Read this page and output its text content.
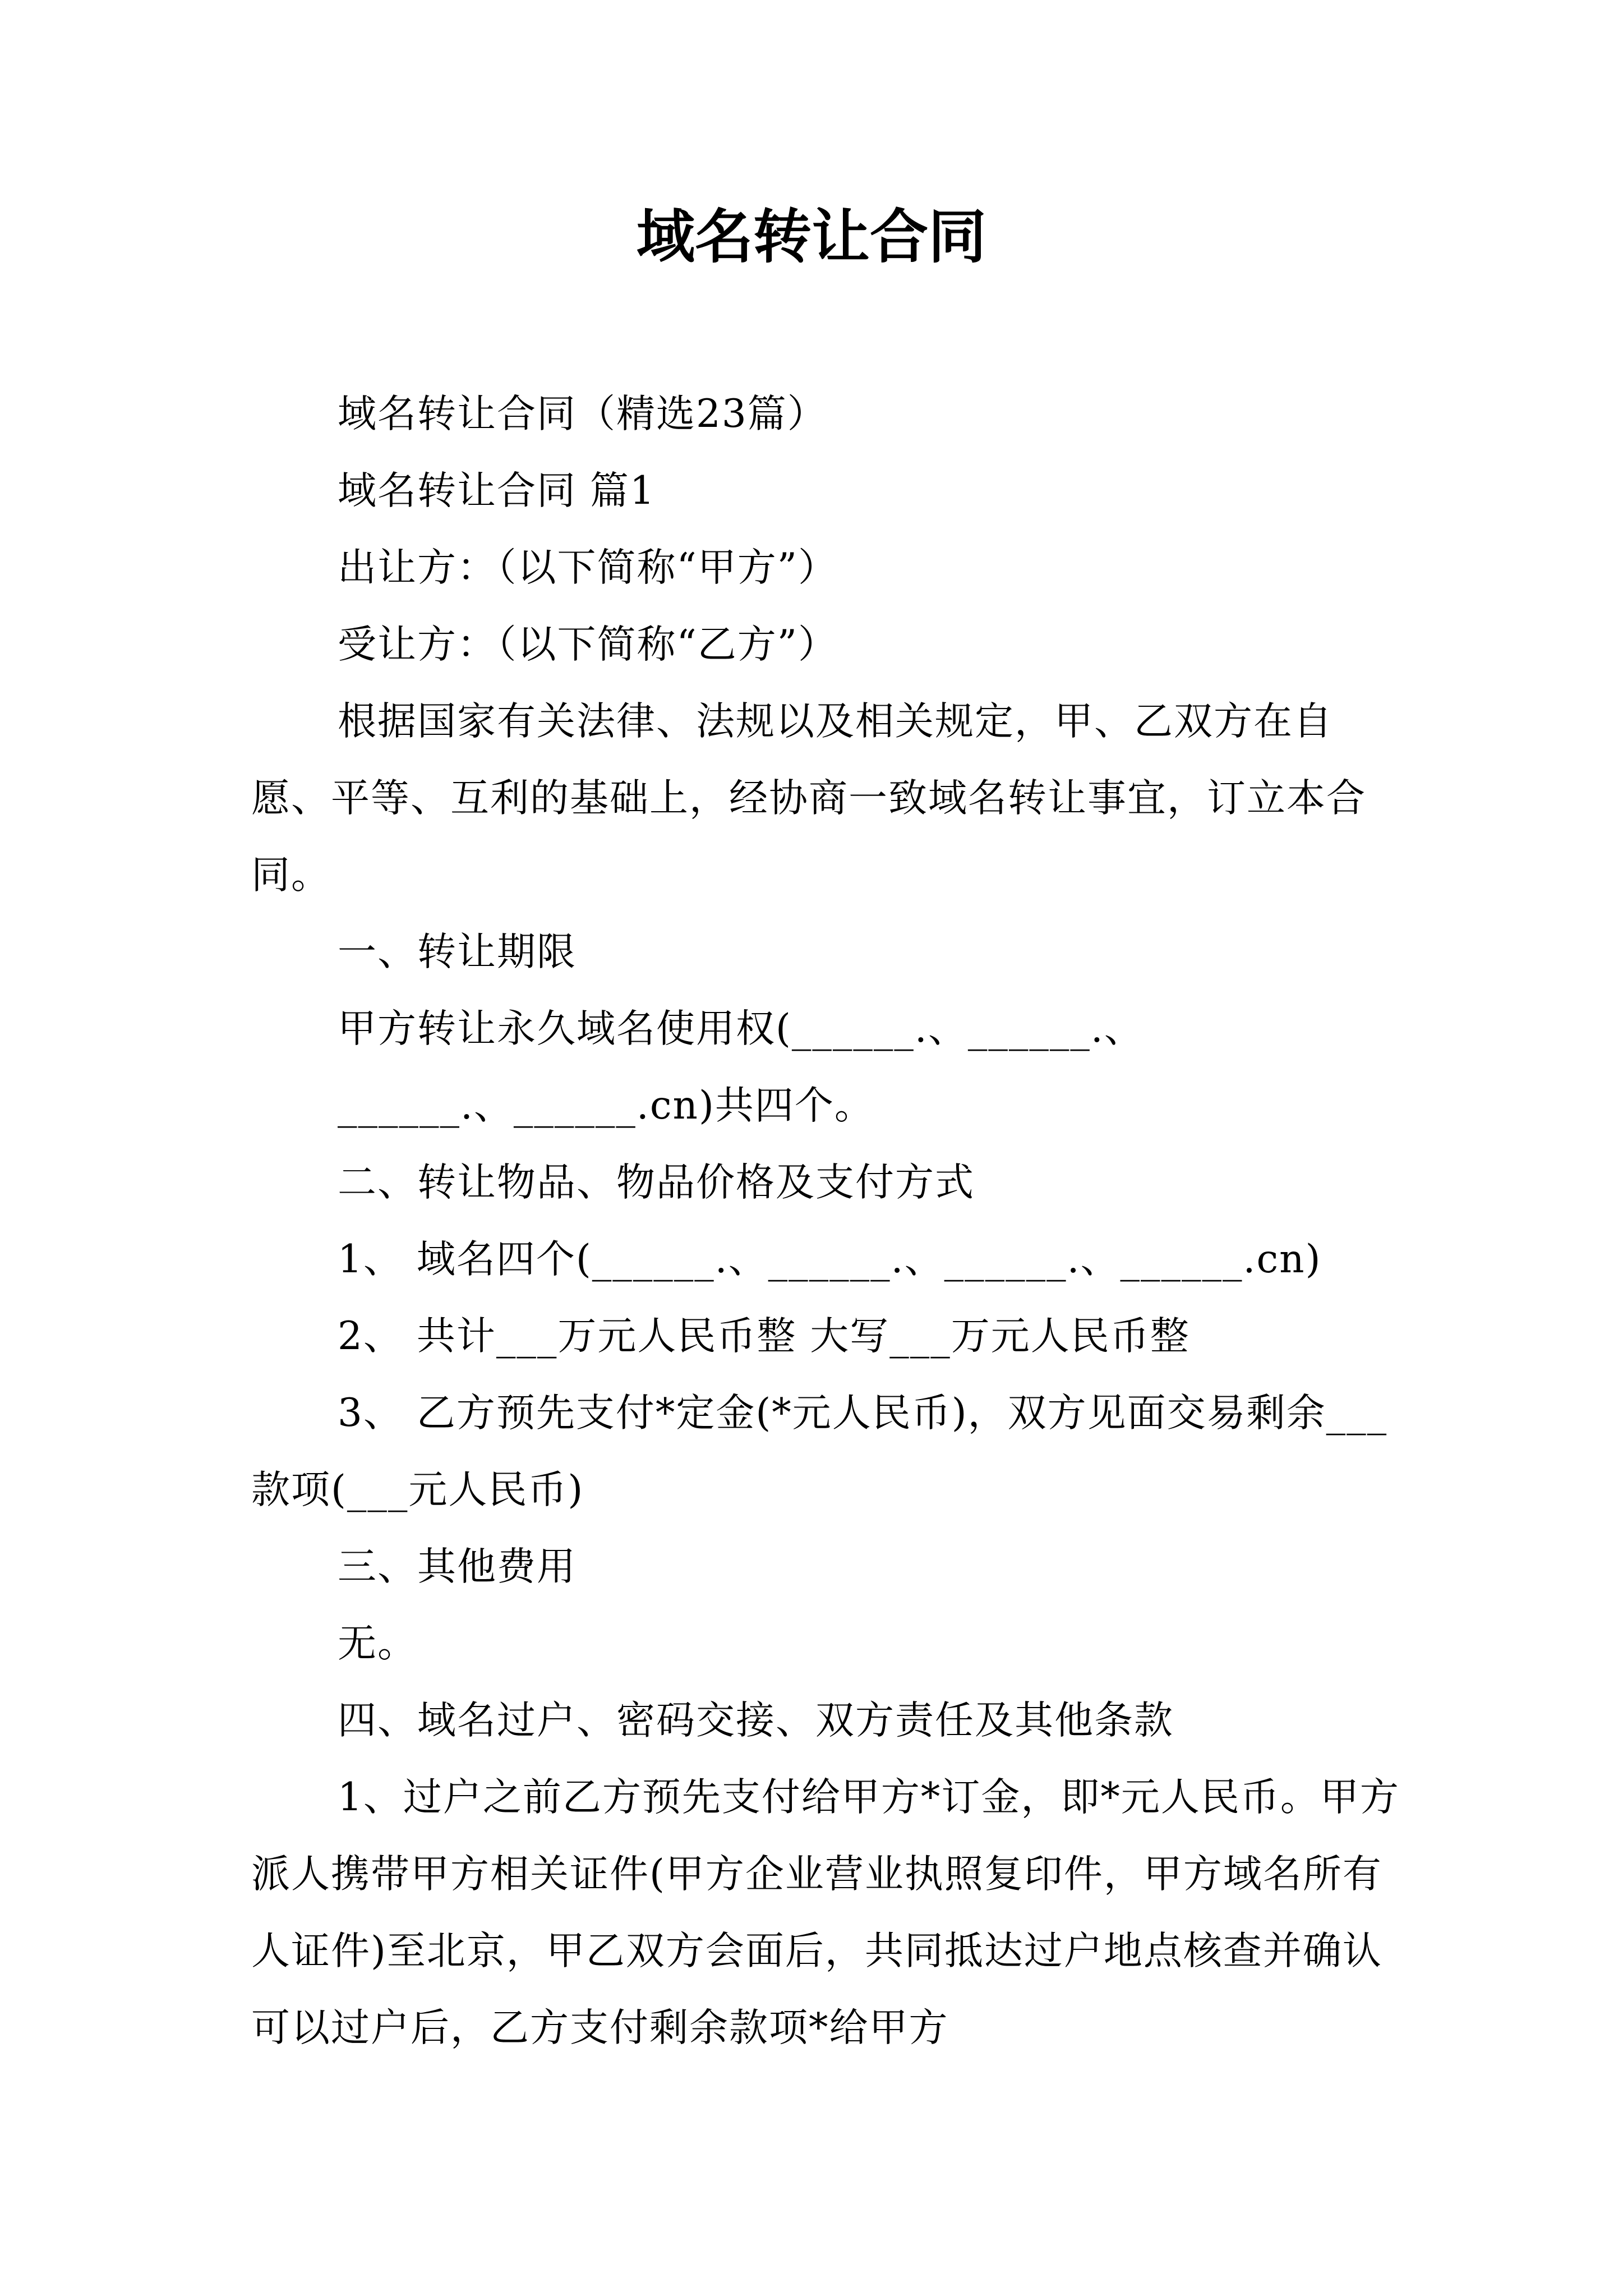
域名转让合同

域名转让合同（精选23篇）

域名转让合同 篇1

出让方：（以下简称“甲方”）

受让方：（以下简称“乙方”）

根据国家有关法律、法规以及相关规定，甲、乙双方在自愿、平等、互利的基础上，经协商一致域名转让事宜，订立本合同。

一、转让期限

甲方转让永久域名使用权(______.、______.、

______.、______.cn)共四个。

二、转让物品、物品价格及支付方式

1、 域名四个(______.、______.、______.、______.cn)

2、 共计___万元人民币整 大写___万元人民币整

3、 乙方预先支付*定金(*元人民币)，双方见面交易剩余___款项(___元人民币)

三、其他费用

无。

四、域名过户、密码交接、双方责任及其他条款

1、过户之前乙方预先支付给甲方*订金，即*元人民币。甲方派人携带甲方相关证件(甲方企业营业执照复印件，甲方域名所有人证件)至北京，甲乙双方会面后，共同抵达过户地点核查并确认可以过户后，乙方支付剩余款项*给甲方
